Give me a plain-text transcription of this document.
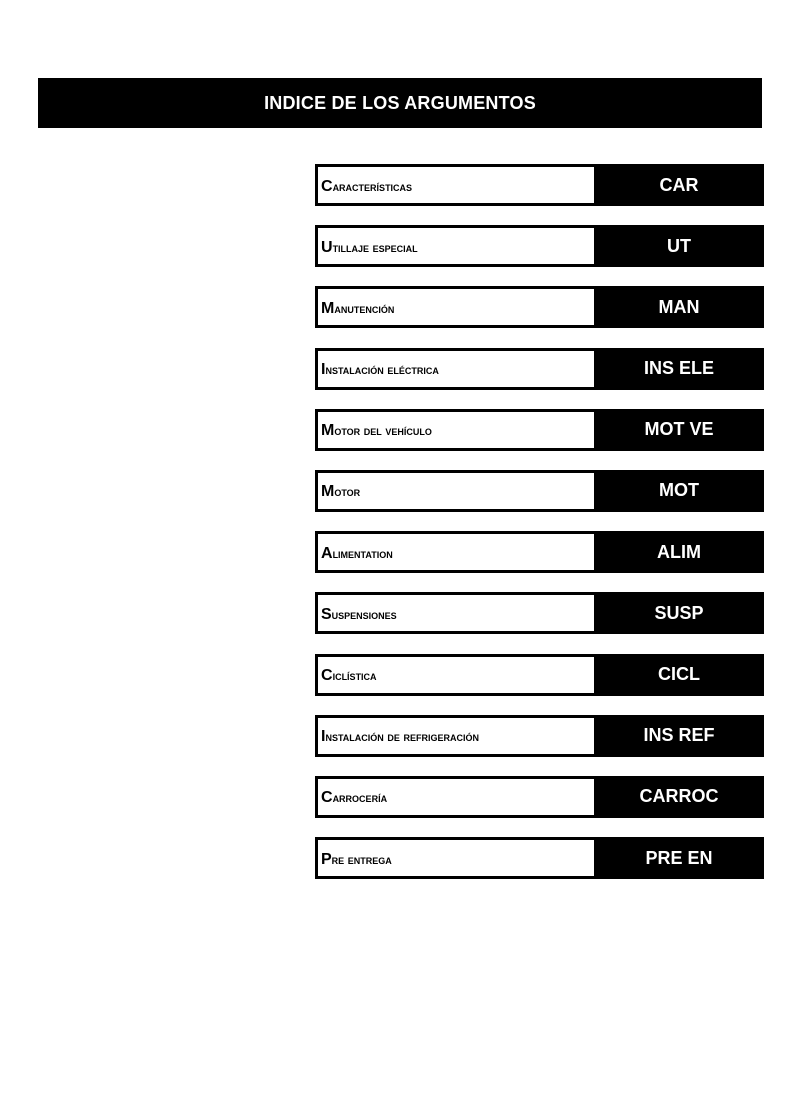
INDICE DE LOS ARGUMENTOS
Características	CAR
Utillaje especial	UT
Manutención	MAN
Instalación eléctrica	INS ELE
Motor del vehículo	MOT VE
Motor	MOT
Alimentation	ALIM
Suspensiones	SUSP
Ciclística	CICL
Instalación de refrigeración	INS REF
Carrocería	CARROC
Pre entrega	PRE EN
